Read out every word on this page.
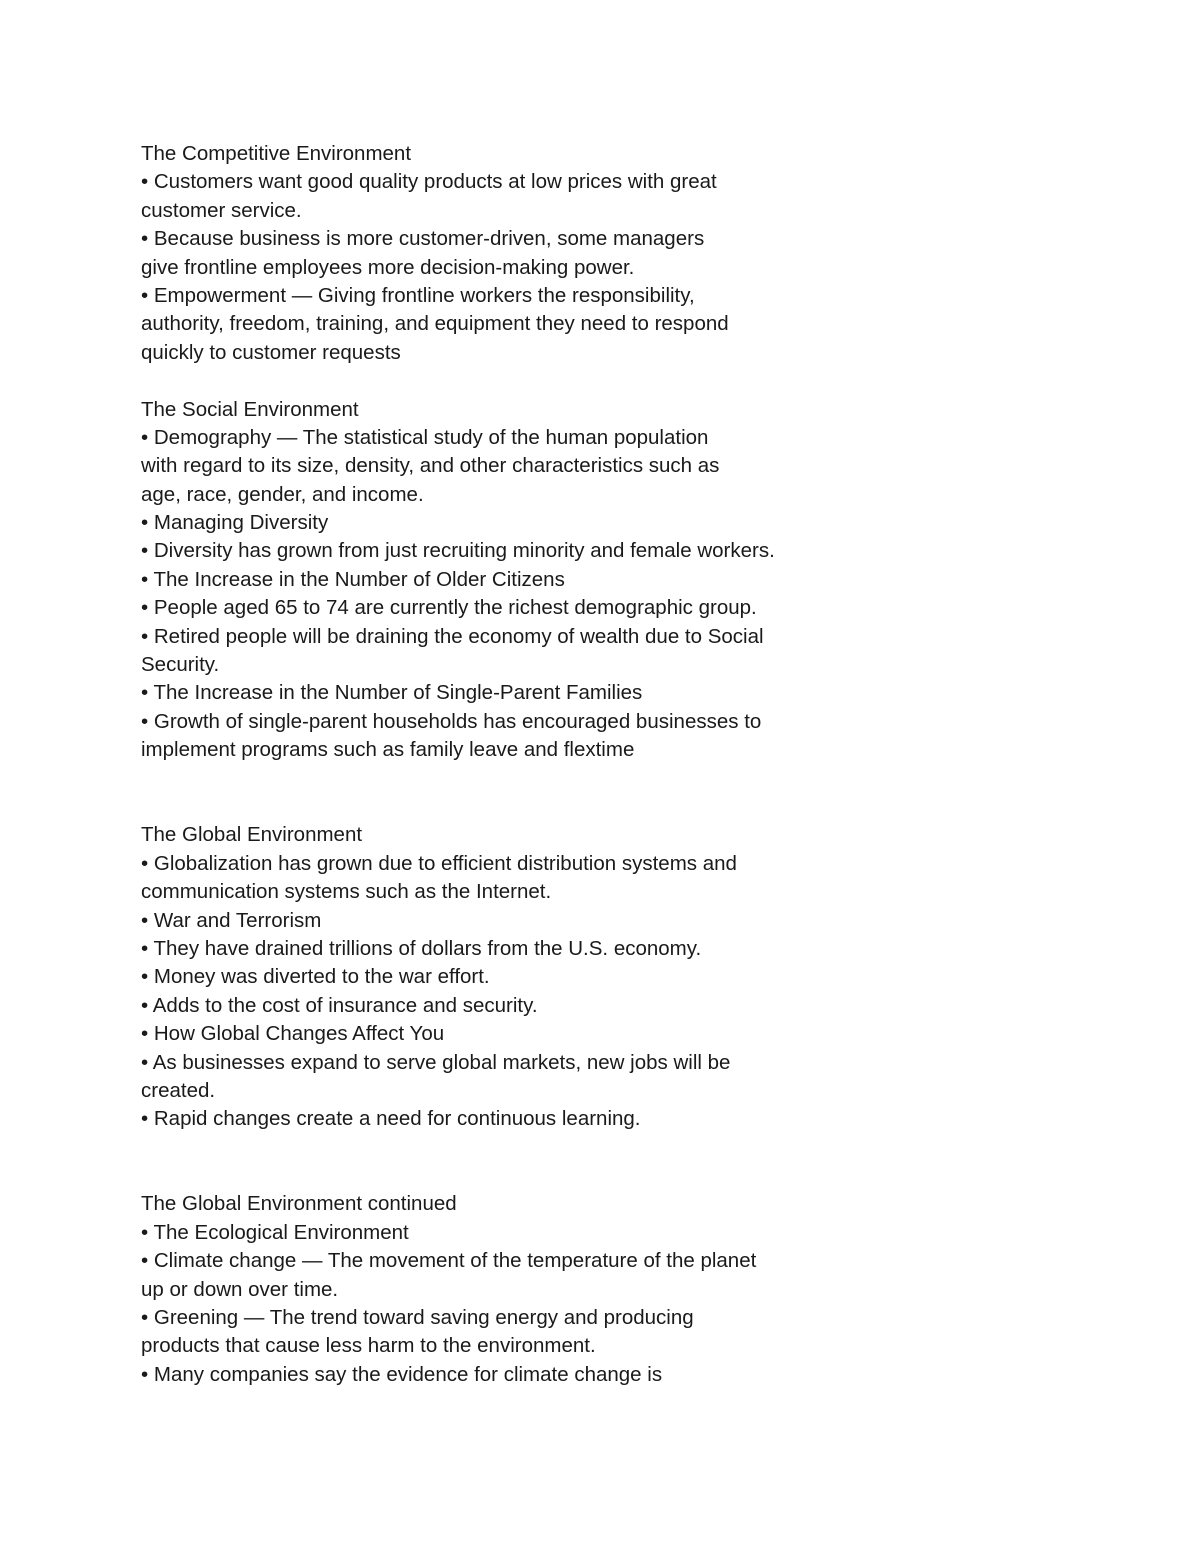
The Competitive Environment
• Customers want good quality products at low prices with great
customer service.
• Because business is more customer-driven, some managers
give frontline employees more decision-making power.
• Empowerment — Giving frontline workers the responsibility,
authority, freedom, training, and equipment they need to respond
quickly to customer requests
The Social Environment
• Demography — The statistical study of the human population
with regard to its size, density, and other characteristics such as
age, race, gender, and income.
• Managing Diversity
• Diversity has grown from just recruiting minority and female workers.
• The Increase in the Number of Older Citizens
• People aged 65 to 74 are currently the richest demographic group.
• Retired people will be draining the economy of wealth due to Social
Security.
• The Increase in the Number of Single-Parent Families
• Growth of single-parent households has encouraged businesses to
implement programs such as family leave and flextime
The Global Environment
• Globalization has grown due to efficient distribution systems and
communication systems such as the Internet.
• War and Terrorism
• They have drained trillions of dollars from the U.S. economy.
• Money was diverted to the war effort.
• Adds to the cost of insurance and security.
• How Global Changes Affect You
• As businesses expand to serve global markets, new jobs will be
created.
• Rapid changes create a need for continuous learning.
The Global Environment continued
• The Ecological Environment
• Climate change — The movement of the temperature of the planet
up or down over time.
• Greening — The trend toward saving energy and producing
products that cause less harm to the environment.
• Many companies say the evidence for climate change is
